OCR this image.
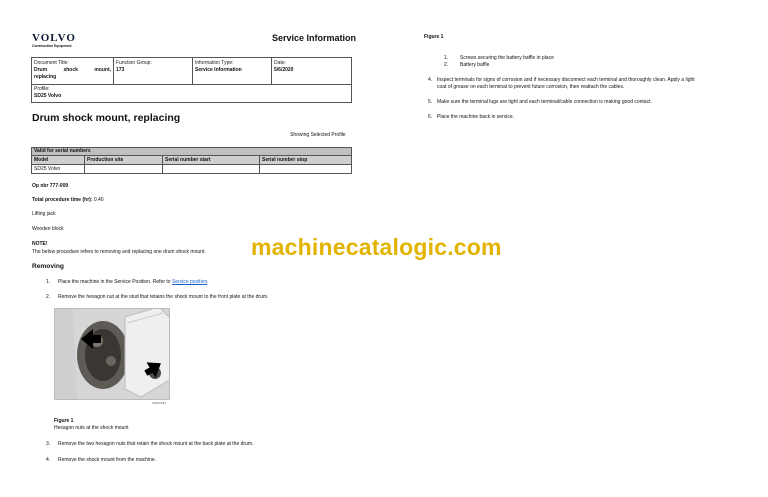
VOLVO
Construction Equipment
Service Information
Document Title:
Drum shock mount,
replacing
Function Group:
173
Information Type:
Service Information
Date:
5/6/2020
Profile:
SD25 Volvo
Drum shock mount, replacing
Showing Selected Profile
Valid for serial numbers
Model	Production site	Serial number start	Serial number stop
SD25 Volvo
Op nbr 777-009
Total procedure time (hr): 0.40
Lifting jack
Wooden block
NOTE!
The below procedure refers to removing and replacing one drum shock mount.
Removing
1. Place the machine in the Service Position. Refer to Service position.
2. Remove the hexagon nut at the stud that retains the shock mount to the front plate at the drum.
V1067434
Figure 1
Hexagon nuts at the shock mount
3. Remove the two hexagon nuts that retain the shock mount at the back plate at the drum.
4. Remove the shock mount from the machine.
Figure 1
1. Screws securing the battery baffle in place
2. Battery baffle
4. Inspect terminals for signs of corrosion and if necessary disconnect each terminal and thoroughly clean. Apply a light
coat of grease on each terminal to prevent future corrosion, then reattach the cables.
5. Make sure the terminal lugs are tight and each terminal/cable connection is making good contact.
6. Place the machine back in service.
machinecatalogic.com
